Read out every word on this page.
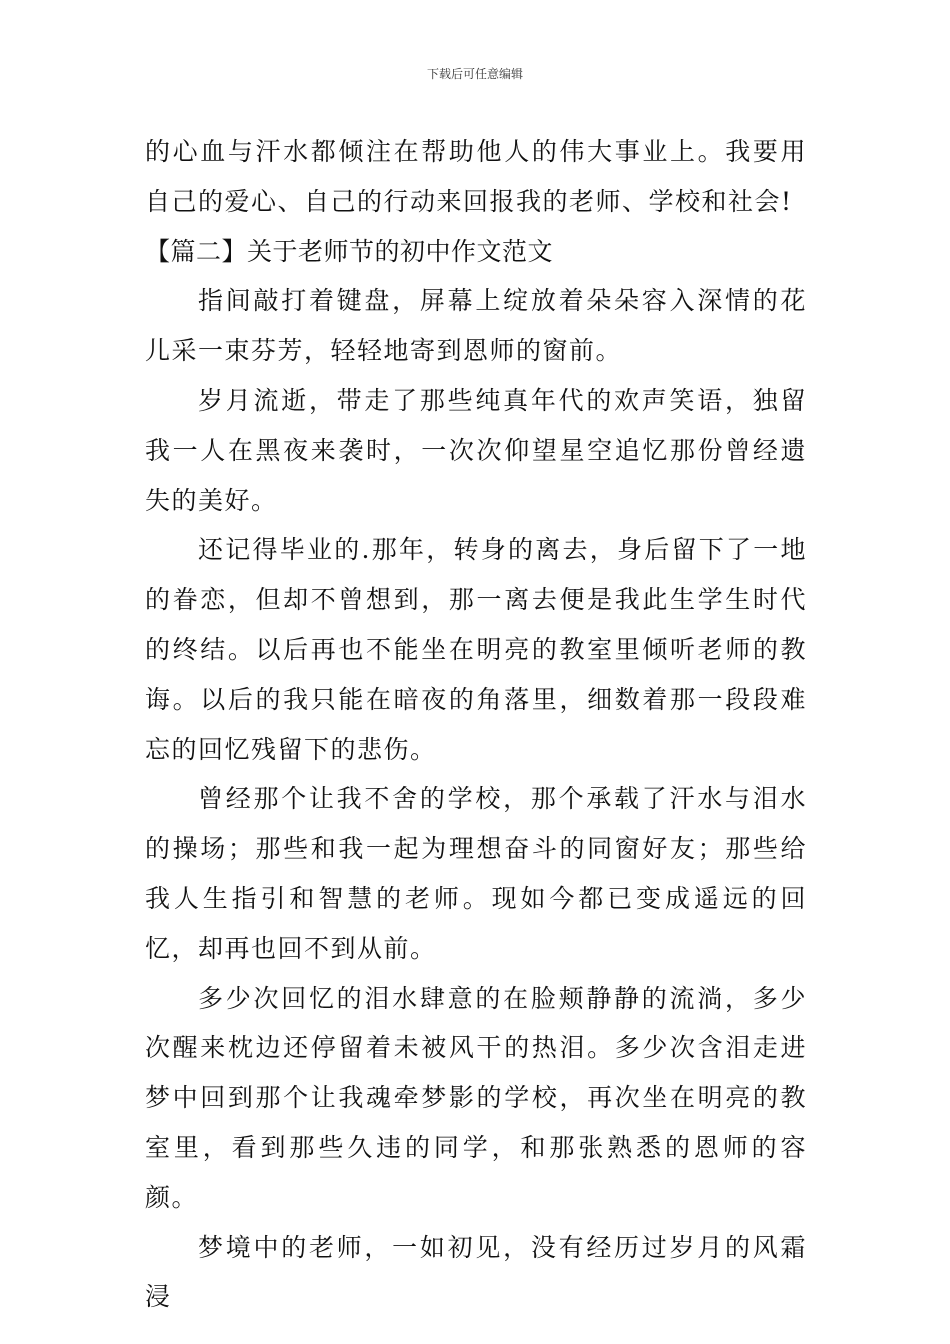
下载后可任意编辑

的心血与汗水都倾注在帮助他人的伟大事业上。我要用自己的爱心、自己的行动来回报我的老师、学校和社会!

【篇二】关于老师节的初中作文范文

指间敲打着键盘，屏幕上绽放着朵朵容入深情的花儿采一束芬芳，轻轻地寄到恩师的窗前。

岁月流逝，带走了那些纯真年代的欢声笑语，独留我一人在黑夜来袭时，一次次仰望星空追忆那份曾经遗失的美好。

还记得毕业的.那年，转身的离去，身后留下了一地的眷恋，但却不曾想到，那一离去便是我此生学生时代的终结。以后再也不能坐在明亮的教室里倾听老师的教诲。以后的我只能在暗夜的角落里，细数着那一段段难忘的回忆残留下的悲伤。

曾经那个让我不舍的学校，那个承载了汗水与泪水的操场；那些和我一起为理想奋斗的同窗好友；那些给我人生指引和智慧的老师。现如今都已变成遥远的回忆，却再也回不到从前。

多少次回忆的泪水肆意的在脸颊静静的流淌，多少次醒来枕边还停留着未被风干的热泪。多少次含泪走进梦中回到那个让我魂牵梦影的学校，再次坐在明亮的教室里，看到那些久违的同学，和那张熟悉的恩师的容颜。

梦境中的老师，一如初见，没有经历过岁月的风霜浸
